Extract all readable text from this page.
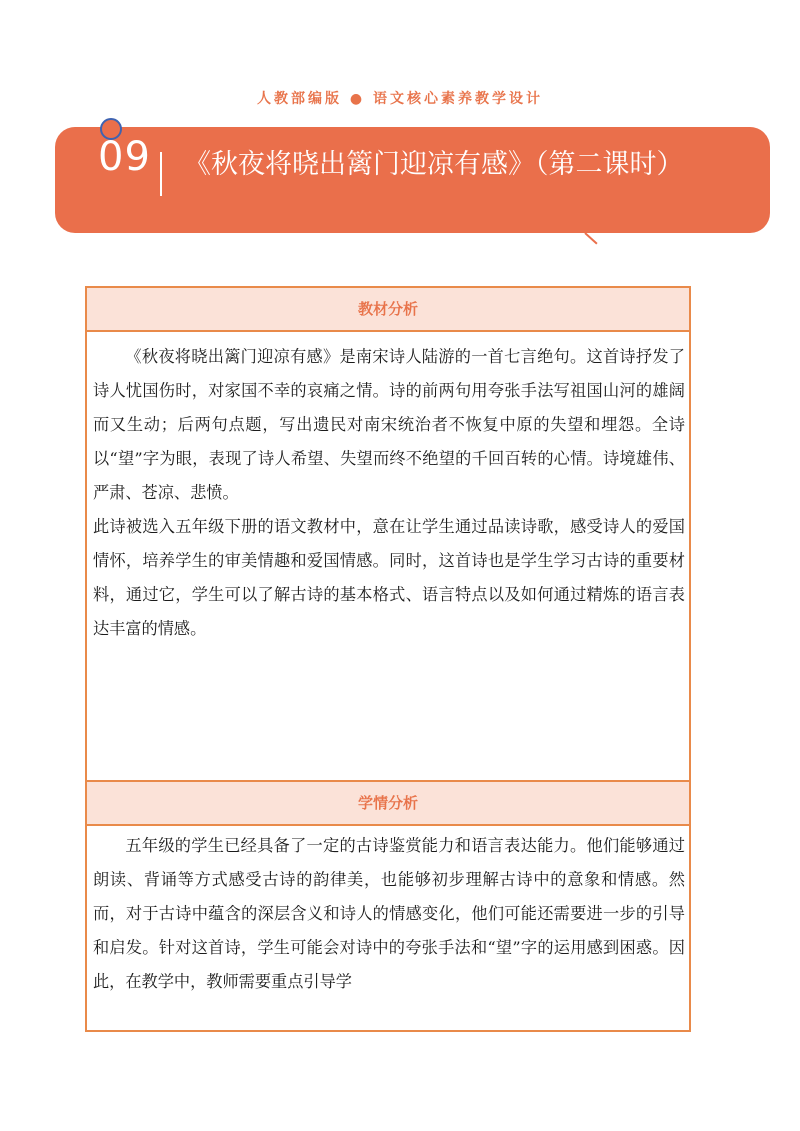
人教部编版 ● 语文核心素养教学设计
09 《秋夜将晓出篱门迎凉有感》（第二课时）
教材分析

《秋夜将晓出篱门迎凉有感》是南宋诗人陆游的一首七言绝句。这首诗抒发了诗人忧国伤时，对家国不幸的哀痛之情。诗的前两句用夸张手法写祖国山河的雄阔而又生动；后两句点题，写出遗民对南宋统治者不恢复中原的失望和埋怨。全诗以“望”字为眼，表现了诗人希望、失望而终不绝望的千回百转的心情。诗境雄伟、严肃、苍凉、悲愤。

此诗被选入五年级下册的语文教材中，意在让学生通过品读诗歌，感受诗人的爱国情怀，培养学生的审美情趣和爱国情感。同时，这首诗也是学生学习古诗的重要材料，通过它，学生可以了解古诗的基本格式、语言特点以及如何通过精炼的语言表达丰富的情感。

学情分析

五年级的学生已经具备了一定的古诗鉴赏能力和语言表达能力。他们能够通过朗读、背诵等方式感受古诗的韵律美，也能够初步理解古诗中的意象和情感。然而，对于古诗中蕴含的深层含义和诗人的情感变化，他们可能还需要进一步的引导和启发。针对这首诗，学生可能会对诗中的夸张手法和“望”字的运用感到困惑。因此，在教学中，教师需要重点引导学
